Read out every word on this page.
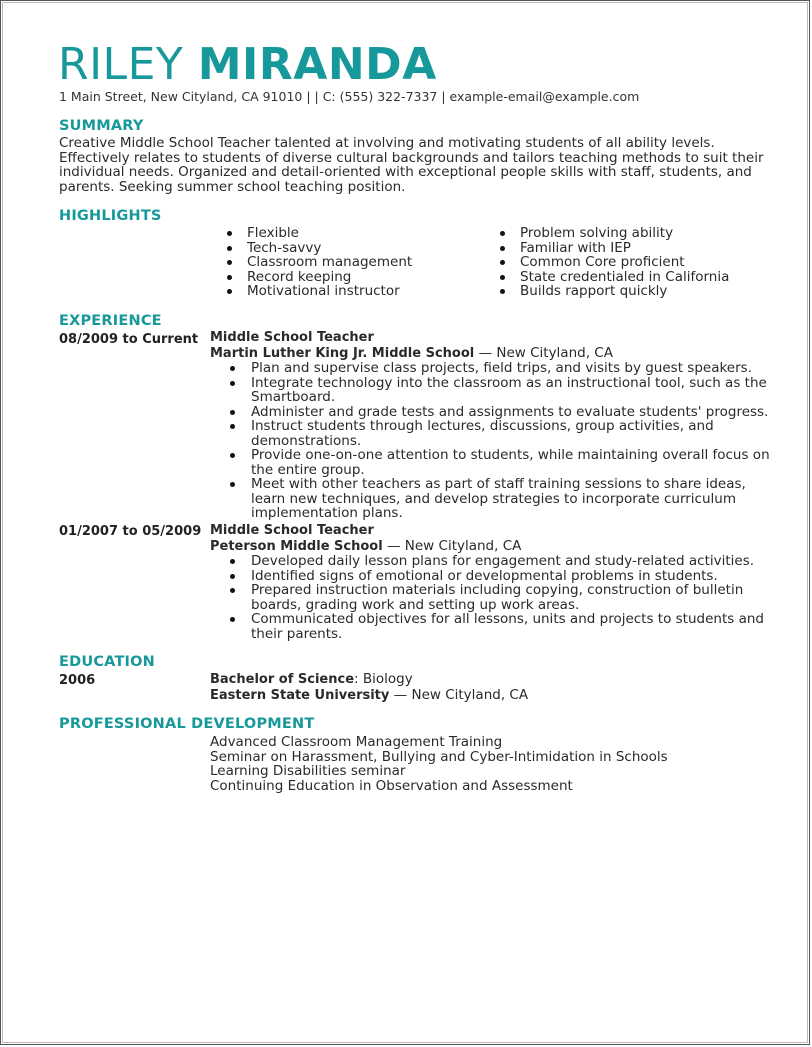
RILEY MIRANDA
1 Main Street, New Cityland, CA 91010 | | C: (555) 322-7337 | example-email@example.com
SUMMARY
Creative Middle School Teacher talented at involving and motivating students of all ability levels.
Effectively relates to students of diverse cultural backgrounds and tailors teaching methods to suit their
individual needs. Organized and detail-oriented with exceptional people skills with staff, students, and
parents. Seeking summer school teaching position.
HIGHLIGHTS
Flexible
Tech-savvy
Classroom management
Record keeping
Motivational instructor
Problem solving ability
Familiar with IEP
Common Core proficient
State credentialed in California
Builds rapport quickly
EXPERIENCE
08/2009 to Current Middle School Teacher
Martin Luther King Jr. Middle School — New Cityland, CA
Plan and supervise class projects, field trips, and visits by guest speakers.
Integrate technology into the classroom as an instructional tool, such as the
Smartboard.
Administer and grade tests and assignments to evaluate students' progress.
Instruct students through lectures, discussions, group activities, and
demonstrations.
Provide one-on-one attention to students, while maintaining overall focus on
the entire group.
Meet with other teachers as part of staff training sessions to share ideas,
learn new techniques, and develop strategies to incorporate curriculum
implementation plans.
01/2007 to 05/2009 Middle School Teacher
Peterson Middle School — New Cityland, CA
Developed daily lesson plans for engagement and study-related activities.
Identified signs of emotional or developmental problems in students.
Prepared instruction materials including copying, construction of bulletin
boards, grading work and setting up work areas.
Communicated objectives for all lessons, units and projects to students and
their parents.
EDUCATION
2006	Bachelor of Science: Biology
Eastern State University — New Cityland, CA
PROFESSIONAL DEVELOPMENT
Advanced Classroom Management Training
Seminar on Harassment, Bullying and Cyber-Intimidation in Schools
Learning Disabilities seminar
Continuing Education in Observation and Assessment
